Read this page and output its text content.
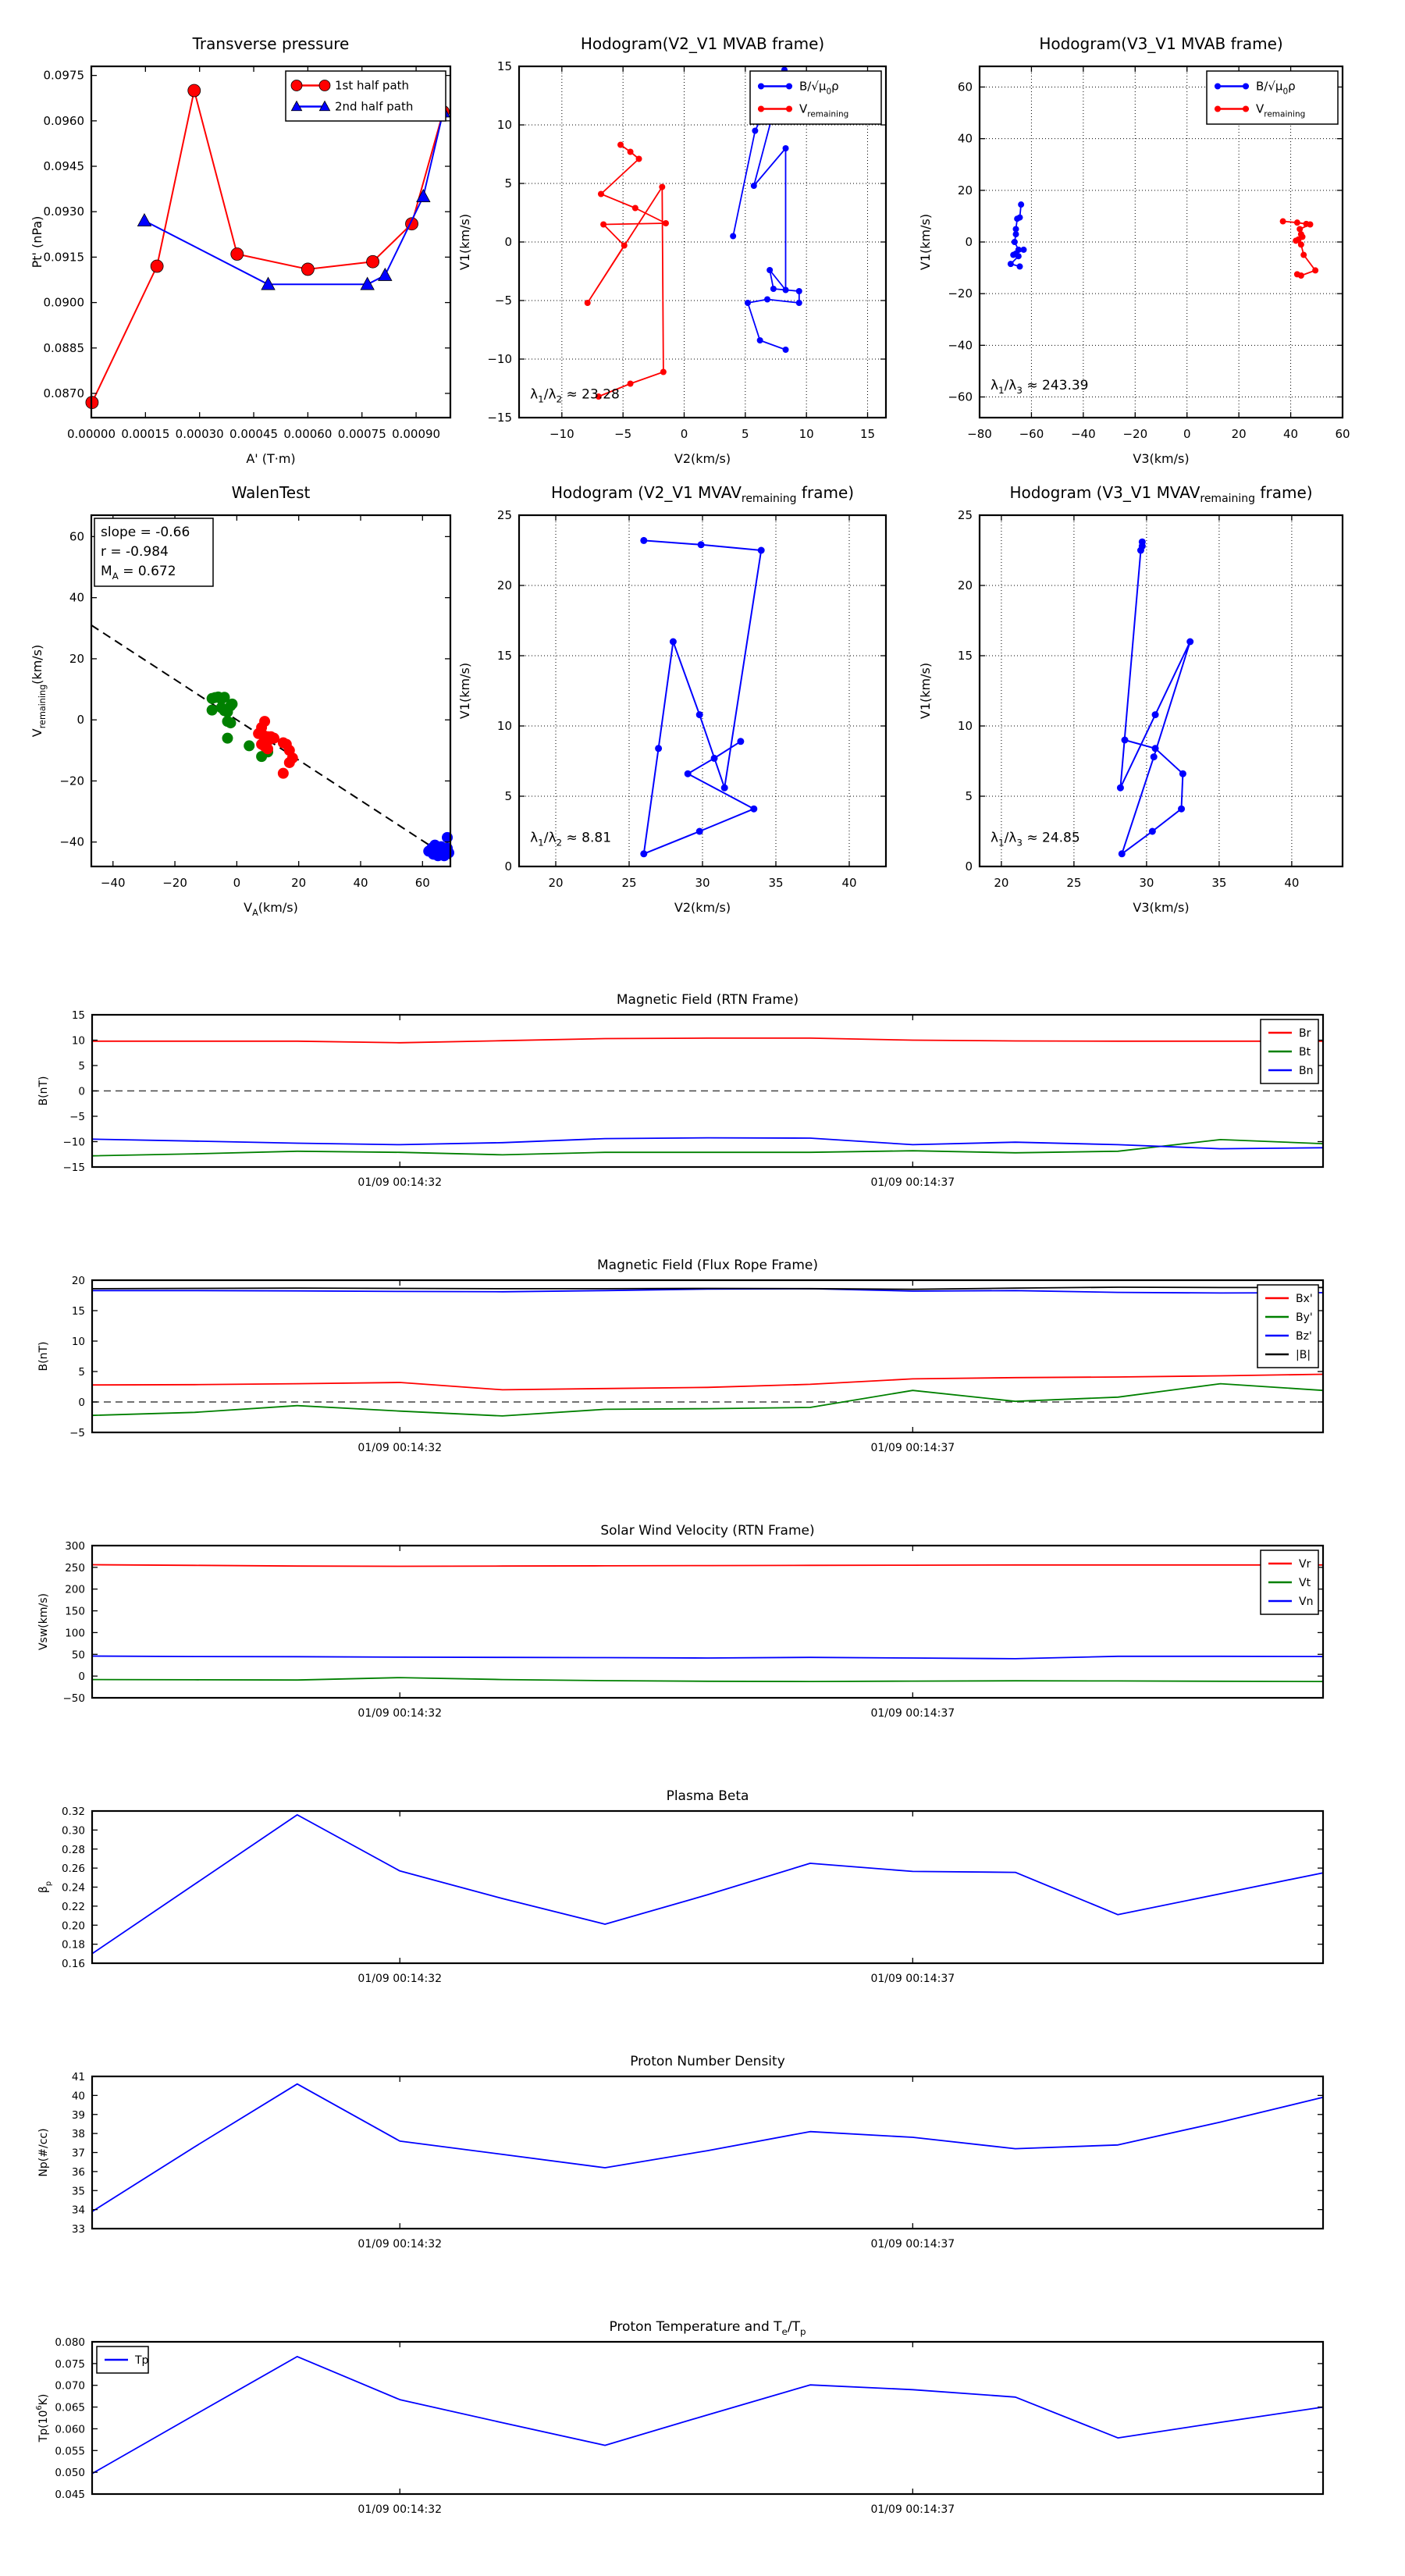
0.00000 0.00015 0.00030 0.00045 0.00060 0.00075 0.00090
0.0870
0.0885
0.0900
0.0915
0.0930
0.0945
0.0960
0.0975
Transverse pressure
A' (T·m)
Pt' (nPa)
1st half path
2nd half path
−10	−5	0	5	10	15
−15
−10
−5
0
5
10
15
Hodogram(V2_V1 MVAB frame)
V2(km/s)
V1(km/s)
$\lambda_1/\lambda_2 \approx 23.28$
$B/√\mu_0\rho$
$V_{remaining}$
−80 −60 −40 −20	0	20	40	60
−60
−40
−20
0
20
40
60
Hodogram(V3_V1 MVAB frame)
V3(km/s)
V1(km/s)
$\lambda_1/\lambda_3 \approx 243.39$
$B/√\mu_0\rho$
$V_{remaining}$
−40	−20	0	20	40	60
−40
−20
0
20
40
60
WalenTest
$V_A(km/s)$
$V_{remaining}(km/s)$
slope = -0.66
r = -0.984
$M_A = 0.672$
20	25	30	35	40
0
5
10
15
20
25
Hodogram (V2_V1 $MVAV_{remaining}$ frame)
V2(km/s)
V1(km/s)
$\lambda_1/\lambda_2 \approx 8.81$
20	25	30	35	40
0
5
10
15
20
25
Hodogram (V3_V1 $MVAV_{remaining}$ frame)
V3(km/s)
V1(km/s)
$\lambda_1/\lambda_3 \approx 24.85$
01/09 00:14:32	01/09 00:14:37
−15
−10
−5
0
5
10
15
Magnetic Field (RTN Frame)
B(nT)
Br
Bt
Bn
01/09 00:14:32	01/09 00:14:37
−5
0
5
10
15
20
Magnetic Field (Flux Rope Frame)
B(nT)
Bx'
By'
Bz'
|B|
01/09 00:14:32	01/09 00:14:37
−50
0
50
100
150
200
250
300
Solar Wind Velocity (RTN Frame)
Vsw(km/s)
Vr
Vt
Vn
01/09 00:14:32	01/09 00:14:37
0.16
0.18
0.20
0.22
0.24
0.26
0.28
0.30
0.32
Plasma Beta
$\beta_p$
01/09 00:14:32	01/09 00:14:37
33
34
35
36
37
38
39
40
41
Proton Number Density
Np(#/cc)
01/09 00:14:32	01/09 00:14:37
0.045
0.050
0.055
0.060
0.065
0.070
0.075
0.080
Proton Temperature and $T_e/T_p$
$Tp(10^6K)$
Tp
